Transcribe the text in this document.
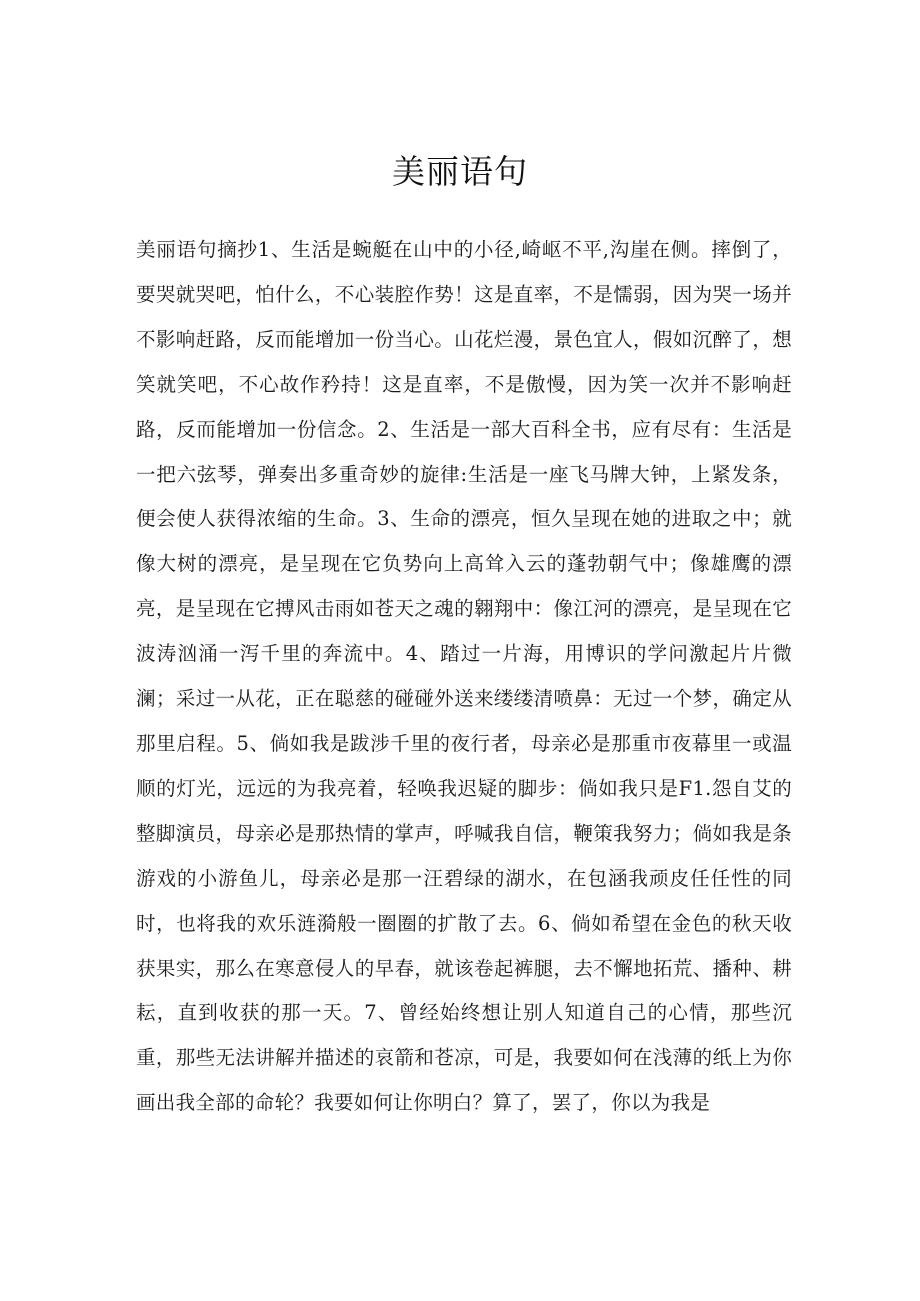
美丽语句

美丽语句摘抄1、生活是蜿艇在山中的小径,崎岖不平,沟崖在侧。摔倒了，要哭就哭吧，怕什么，不心装腔作势！这是直率，不是懦弱，因为哭一场并不影响赶路，反而能增加一份当心。山花烂漫，景色宜人，假如沉醉了，想笑就笑吧，不心故作矜持！这是直率，不是傲慢，因为笑一次并不影响赶路，反而能增加一份信念。2、生活是一部大百科全书，应有尽有：生活是一把六弦琴，弹奏出多重奇妙的旋律:生活是一座飞马牌大钟，上紧发条，便会使人获得浓缩的生命。3、生命的漂亮，恒久呈现在她的进取之中；就像大树的漂亮，是呈现在它负势向上高耸入云的蓬勃朝气中；像雄鹰的漂亮，是呈现在它搏风击雨如苍天之魂的翱翔中：像江河的漂亮，是呈现在它波涛汹涌一泻千里的奔流中。4、踏过一片海，用博识的学问激起片片微澜；采过一从花，正在聪慈的碰碰外送来缕缕清喷鼻：无过一个梦，确定从那里启程。5、倘如我是跋涉千里的夜行者，母亲必是那重市夜幕里一或温顺的灯光，远远的为我亮着，轻唤我迟疑的脚步：倘如我只是F1.怨自艾的整脚演员，母亲必是那热情的掌声，呼喊我自信，鞭策我努力；倘如我是条游戏的小游鱼儿，母亲必是那一汪碧绿的湖水，在包涵我顽皮任任性的同时，也将我的欢乐涟漪般一圈圈的扩散了去。6、倘如希望在金色的秋天收获果实，那么在寒意侵人的早春，就该卷起裤腿，去不懈地拓荒、播种、耕耘，直到收获的那一天。7、曾经始终想让别人知道自己的心情，那些沉重，那些无法讲解并描述的哀箭和苍凉，可是，我要如何在浅薄的纸上为你画出我全部的命轮？我要如何让你明白？算了，罢了，你以为我是
